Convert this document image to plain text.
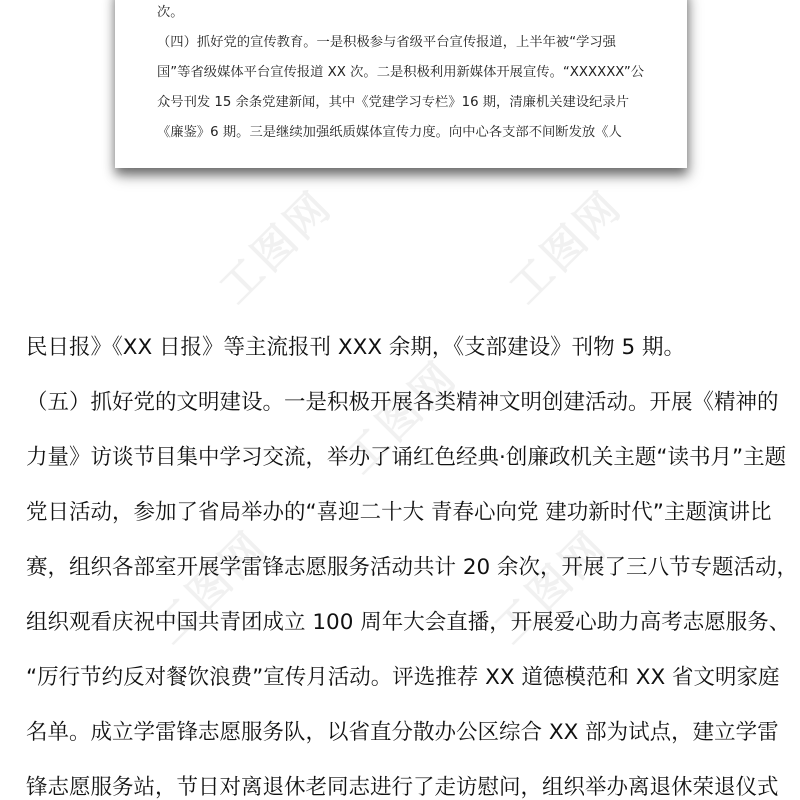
工图网	工图网
工图网
工图网	工图网
次。
（四）抓好党的宣传教育。一是积极参与省级平台宣传报道，上半年被“学习强
国”等省级媒体平台宣传报道 XX 次。二是积极利用新媒体开展宣传。“XXXXXX”公
众号刊发 15 余条党建新闻，其中《党建学习专栏》16 期，清廉机关建设纪录片
《廉鉴》6 期。三是继续加强纸质媒体宣传力度。向中心各支部不间断发放《人
民日报》《XX 日报》等主流报刊 XXX 余期，《支部建设》刊物 5 期。
（五）抓好党的文明建设。一是积极开展各类精神文明创建活动。开展《精神的
力量》访谈节目集中学习交流，举办了诵红色经典·创廉政机关主题“读书月”主题
党日活动，参加了省局举办的“喜迎二十大 青春心向党 建功新时代”主题演讲比
赛，组织各部室开展学雷锋志愿服务活动共计 20 余次，开展了三八节专题活动，
组织观看庆祝中国共青团成立 100 周年大会直播，开展爱心助力高考志愿服务、
“厉行节约反对餐饮浪费”宣传月活动。评选推荐 XX 道德模范和 XX 省文明家庭
名单。成立学雷锋志愿服务队，以省直分散办公区综合 XX 部为试点，建立学雷
锋志愿服务站，节日对离退休老同志进行了走访慰问，组织举办离退休荣退仪式
